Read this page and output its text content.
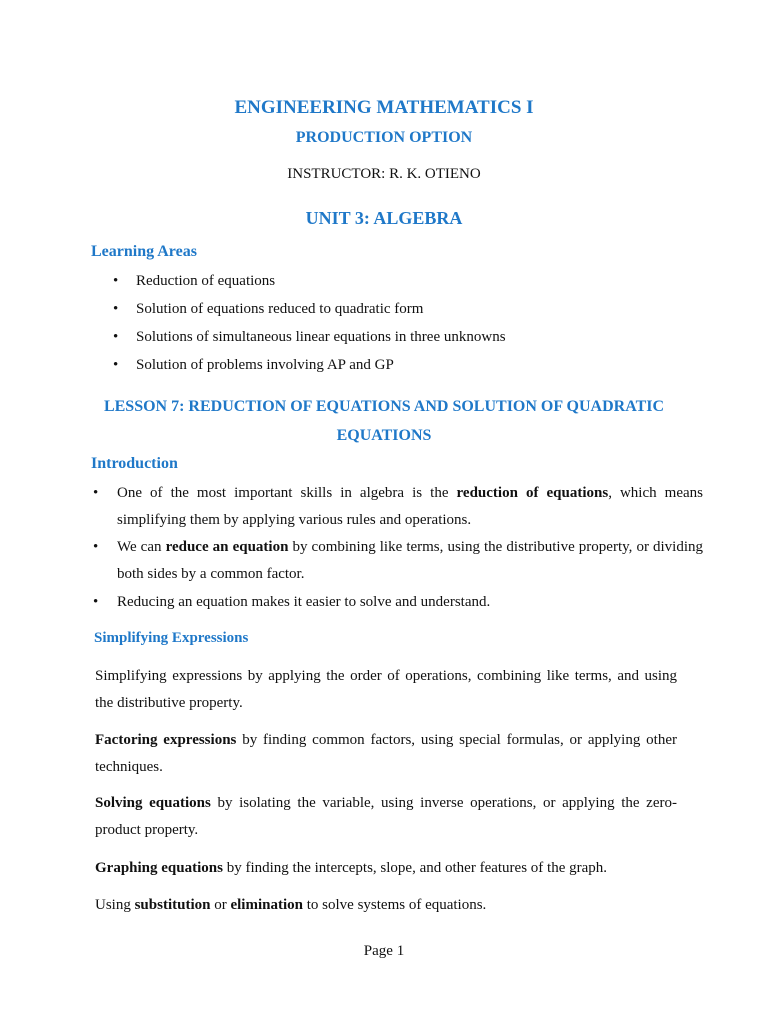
ENGINEERING MATHEMATICS I
PRODUCTION OPTION

INSTRUCTOR: R. K. OTIENO

UNIT 3: ALGEBRA
Learning Areas
• Reduction of equations
• Solution of equations reduced to quadratic form
• Solutions of simultaneous linear equations in three unknowns
• Solution of problems involving AP and GP
LESSON 7: REDUCTION OF EQUATIONS AND SOLUTION OF QUADRATIC
EQUATIONS
Introduction

• One of the most important skills in algebra is the reduction of equations, which means simplifying them by applying various rules and operations.

• We can reduce an equation by combining like terms, using the distributive property, or dividing both sides by a common factor.

• Reducing an equation makes it easier to solve and understand.

Simplifying Expressions

Simplifying expressions by applying the order of operations, combining like terms, and using the distributive property.

Factoring expressions by finding common factors, using special formulas, or applying other techniques.

Solving equations by isolating the variable, using inverse operations, or applying the zero-product property.

Graphing equations by finding the intercepts, slope, and other features of the graph.

Using substitution or elimination to solve systems of equations.

Page 1
